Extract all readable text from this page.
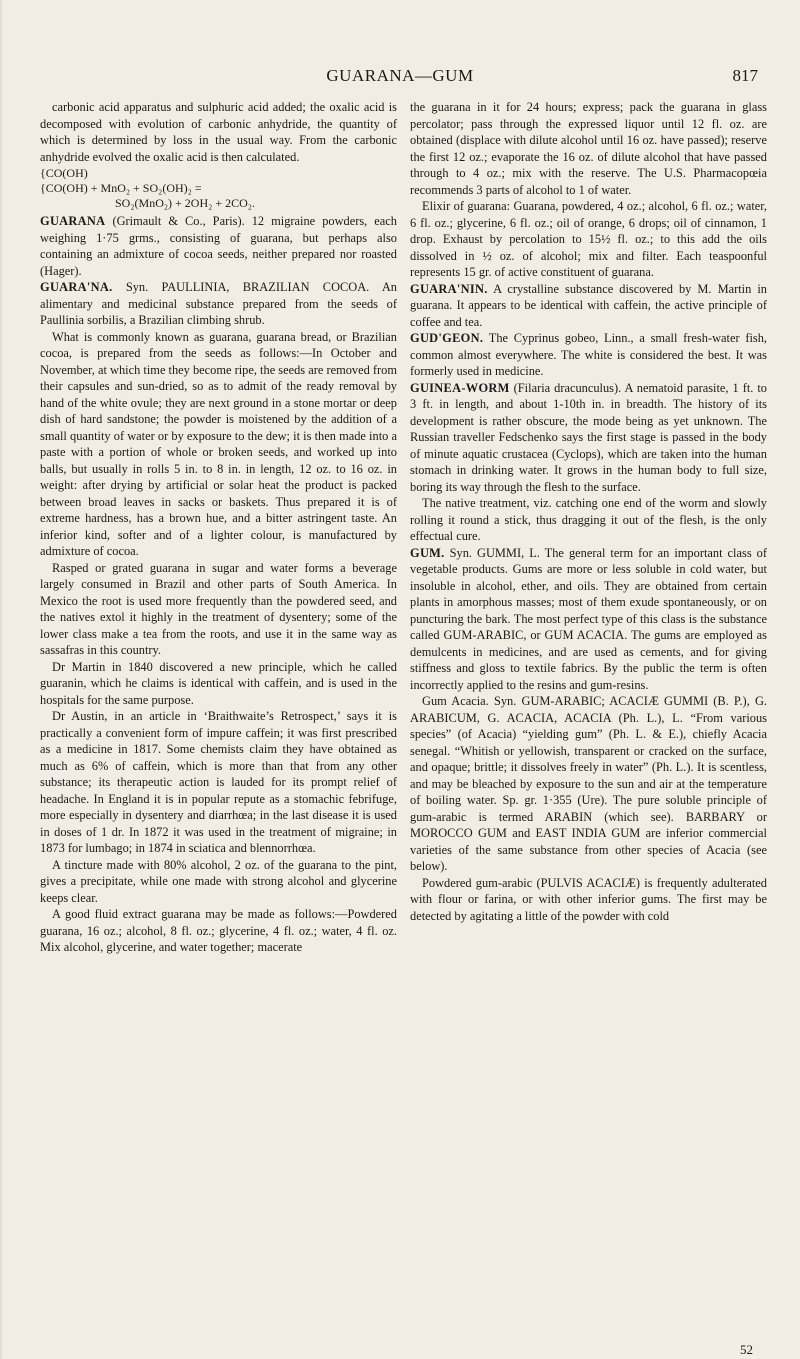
GUARANA—GUM	817

carbonic acid apparatus and sulphuric acid added; the oxalic acid is decomposed with evolution of carbonic anhydride, the quantity of which is determined by loss in the usual way. From the carbonic anhydride evolved the oxalic acid is then calculated.

{CO(OH)
{CO(OH) + MnO₂ + SO₂(OH)₂ =
SO₂(MnO₂) + 2OH₂ + 2CO₂.

GUARANA (Grimault & Co., Paris). 12 migraine powders, each weighing 1·75 grms., consisting of guarana, but perhaps also containing an admixture of cocoa seeds, neither prepared nor roasted (Hager).

GUARA'NA. Syn. PAULLINIA, BRAZILIAN COCOA. An alimentary and medicinal substance prepared from the seeds of Paullinia sorbilis, a Brazilian climbing shrub.

What is commonly known as guarana, guarana bread, or Brazilian cocoa, is prepared from the seeds as follows:—In October and November, at which time they become ripe, the seeds are removed from their capsules and sun-dried, so as to admit of the ready removal by hand of the white ovule; they are next ground in a stone mortar or deep dish of hard sandstone; the powder is moistened by the addition of a small quantity of water or by exposure to the dew; it is then made into a paste with a portion of whole or broken seeds, and worked up into balls, but usually in rolls 5 in. to 8 in. in length, 12 oz. to 16 oz. in weight: after drying by artificial or solar heat the product is packed between broad leaves in sacks or baskets. Thus prepared it is of extreme hardness, has a brown hue, and a bitter astringent taste. An inferior kind, softer and of a lighter colour, is manufactured by admixture of cocoa.

Rasped or grated guarana in sugar and water forms a beverage largely consumed in Brazil and other parts of South America. In Mexico the root is used more frequently than the powdered seed, and the natives extol it highly in the treatment of dysentery; some of the lower class make a tea from the roots, and use it in the same way as sassafras in this country.

Dr Martin in 1840 discovered a new principle, which he called guaranin, which he claims is identical with caffein, and is used in the hospitals for the same purpose.

Dr Austin, in an article in ‘Braithwaite’s Retrospect,’ says it is practically a convenient form of impure caffein; it was first prescribed as a medicine in 1817. Some chemists claim they have obtained as much as 6% of caffein, which is more than that from any other substance; its therapeutic action is lauded for its prompt relief of headache. In England it is in popular repute as a stomachic febrifuge, more especially in dysentery and diarrhœa; in the last disease it is used in doses of 1 dr. In 1872 it was used in the treatment of migraine; in 1873 for lumbago; in 1874 in sciatica and blennorrhœa.

A tincture made with 80% alcohol, 2 oz. of the guarana to the pint, gives a precipitate, while one made with strong alcohol and glycerine keeps clear.

A good fluid extract guarana may be made as follows:—Powdered guarana, 16 oz.; alcohol, 8 fl. oz.; glycerine, 4 fl. oz.; water, 4 fl. oz. Mix alcohol, glycerine, and water together; macerate

the guarana in it for 24 hours; express; pack the guarana in glass percolator; pass through the expressed liquor until 12 fl. oz. are obtained (displace with dilute alcohol until 16 oz. have passed); reserve the first 12 oz.; evaporate the 16 oz. of dilute alcohol that have passed through to 4 oz.; mix with the reserve. The U.S. Pharmacopœia recommends 3 parts of alcohol to 1 of water.

Elixir of guarana: Guarana, powdered, 4 oz.; alcohol, 6 fl. oz.; water, 6 fl. oz.; glycerine, 6 fl. oz.; oil of orange, 6 drops; oil of cinnamon, 1 drop. Exhaust by percolation to 15½ fl. oz.; to this add the oils dissolved in ½ oz. of alcohol; mix and filter. Each teaspoonful represents 15 gr. of active constituent of guarana.

GUARA'NIN. A crystalline substance discovered by M. Martin in guarana. It appears to be identical with caffein, the active principle of coffee and tea.

GUD'GEON. The Cyprinus gobeo, Linn., a small fresh-water fish, common almost everywhere. The white is considered the best. It was formerly used in medicine.

GUINEA-WORM (Filaria dracunculus). A nematoid parasite, 1 ft. to 3 ft. in length, and about 1-10th in. in breadth. The history of its development is rather obscure, the mode being as yet unknown. The Russian traveller Fedschenko says the first stage is passed in the body of minute aquatic crustacea (Cyclops), which are taken into the human stomach in drinking water. It grows in the human body to full size, boring its way through the flesh to the surface.

The native treatment, viz. catching one end of the worm and slowly rolling it round a stick, thus dragging it out of the flesh, is the only effectual cure.

GUM. Syn. GUMMI, L. The general term for an important class of vegetable products. Gums are more or less soluble in cold water, but insoluble in alcohol, ether, and oils. They are obtained from certain plants in amorphous masses; most of them exude spontaneously, or on puncturing the bark. The most perfect type of this class is the substance called GUM-ARABIC, or GUM ACACIA. The gums are employed as demulcents in medicines, and are used as cements, and for giving stiffness and gloss to textile fabrics. By the public the term is often incorrectly applied to the resins and gum-resins.

Gum Acacia. Syn. GUM-ARABIC; ACACIÆ GUMMI (B. P.), G. ARABICUM, G. ACACIA, ACACIA (Ph. L.), L. “From various species” (of Acacia) “yielding gum” (Ph. L. & E.), chiefly Acacia senegal. “Whitish or yellowish, transparent or cracked on the surface, and opaque; brittle; it dissolves freely in water” (Ph. L.). It is scentless, and may be bleached by exposure to the sun and air at the temperature of boiling water. Sp. gr. 1·355 (Ure). The pure soluble principle of gum-arabic is termed ARABIN (which see). BARBARY or MOROCCO GUM and EAST INDIA GUM are inferior commercial varieties of the same substance from other species of Acacia (see below).

Powdered gum-arabic (PULVIS ACACIÆ) is frequently adulterated with flour or farina, or with other inferior gums. The first may be detected by agitating a little of the powder with cold

52
